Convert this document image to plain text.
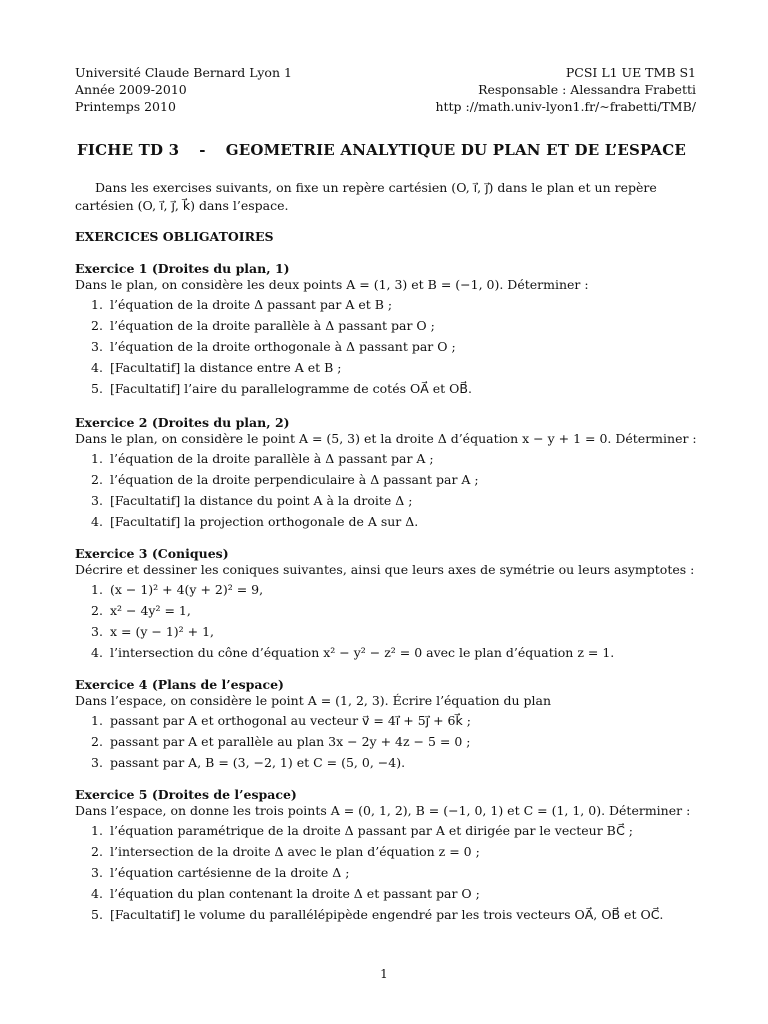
Université Claude Bernard Lyon 1
Année 2009-2010
Printemps 2010
PCSI L1 UE TMB S1
Responsable : Alessandra Frabetti
http ://math.univ-lyon1.fr/∼frabetti/TMB/
FICHE TD 3 - GEOMETRIE ANALYTIQUE DU PLAN ET DE L’ESPACE
Dans les exercises suivants, on fixe un repère cartésien (O, i⃗, j⃗) dans le plan et un repère cartésien (O, i⃗, j⃗, k⃗) dans l’espace.
EXERCICES OBLIGATOIRES
Exercice 1 (Droites du plan, 1)
Dans le plan, on considère les deux points A = (1, 3) et B = (−1, 0). Déterminer :
1. l’équation de la droite Δ passant par A et B ;
2. l’équation de la droite parallèle à Δ passant par O ;
3. l’équation de la droite orthogonale à Δ passant par O ;
4. [Facultatif] la distance entre A et B ;
5. [Facultatif] l’aire du parallelogramme de cotés OA⃗ et OB⃗.
Exercice 2 (Droites du plan, 2)
Dans le plan, on considère le point A = (5, 3) et la droite Δ d’équation x − y + 1 = 0. Déterminer :
1. l’équation de la droite parallèle à Δ passant par A ;
2. l’équation de la droite perpendiculaire à Δ passant par A ;
3. [Facultatif] la distance du point A à la droite Δ ;
4. [Facultatif] la projection orthogonale de A sur Δ.
Exercice 3 (Coniques)
Décrire et dessiner les coniques suivantes, ainsi que leurs axes de symétrie ou leurs asymptotes :
1. (x − 1)² + 4(y + 2)² = 9,
2. x² − 4y² = 1,
3. x = (y − 1)² + 1,
4. l’intersection du cône d’équation x² − y² − z² = 0 avec le plan d’équation z = 1.
Exercice 4 (Plans de l’espace)
Dans l’espace, on considère le point A = (1, 2, 3). Écrire l’équation du plan
1. passant par A et orthogonal au vecteur v⃗ = 4i⃗ + 5j⃗ + 6k⃗ ;
2. passant par A et parallèle au plan 3x − 2y + 4z − 5 = 0 ;
3. passant par A, B = (3, −2, 1) et C = (5, 0, −4).
Exercice 5 (Droites de l’espace)
Dans l’espace, on donne les trois points A = (0, 1, 2), B = (−1, 0, 1) et C = (1, 1, 0). Déterminer :
1. l’équation paramétrique de la droite Δ passant par A et dirigée par le vecteur BC⃗ ;
2. l’intersection de la droite Δ avec le plan d’équation z = 0 ;
3. l’équation cartésienne de la droite Δ ;
4. l’équation du plan contenant la droite Δ et passant par O ;
5. [Facultatif] le volume du parallélépipède engendré par les trois vecteurs OA⃗, OB⃗ et OC⃗.
1
